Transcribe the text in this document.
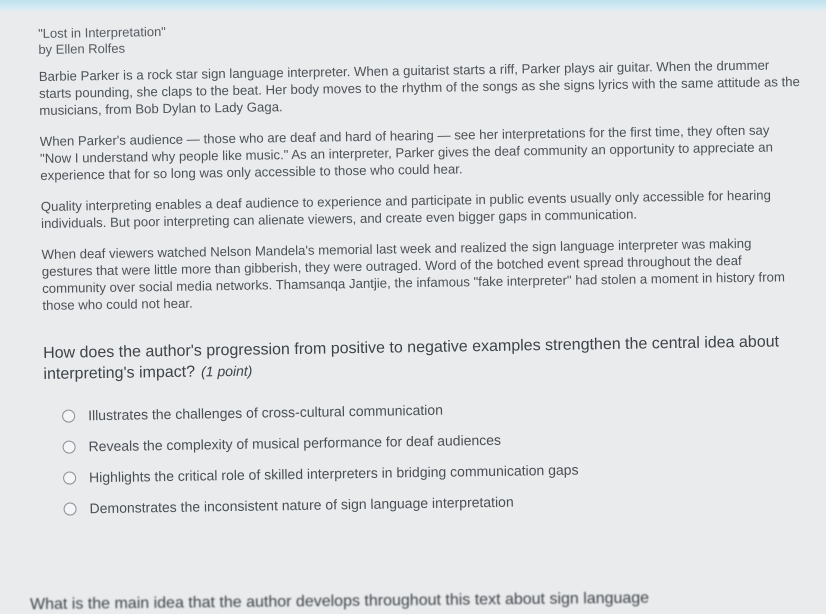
"Lost in Interpretation"

by Ellen Rolfes

Barbie Parker is a rock star sign language interpreter. When a guitarist starts a riff, Parker plays air guitar. When the drummer starts pounding, she claps to the beat. Her body moves to the rhythm of the songs as she signs lyrics with the same attitude as the musicians, from Bob Dylan to Lady Gaga.

When Parker's audience — those who are deaf and hard of hearing — see her interpretations for the first time, they often say "Now I understand why people like music." As an interpreter, Parker gives the deaf community an opportunity to appreciate an experience that for so long was only accessible to those who could hear.

Quality interpreting enables a deaf audience to experience and participate in public events usually only accessible for hearing individuals. But poor interpreting can alienate viewers, and create even bigger gaps in communication.

When deaf viewers watched Nelson Mandela's memorial last week and realized the sign language interpreter was making gestures that were little more than gibberish, they were outraged. Word of the botched event spread throughout the deaf community over social media networks. Thamsanqa Jantjie, the infamous "fake interpreter" had stolen a moment in history from those who could not hear.

How does the author's progression from positive to negative examples strengthen the central idea about interpreting's impact? (1 point)
Illustrates the challenges of cross-cultural communication
Reveals the complexity of musical performance for deaf audiences
Highlights the critical role of skilled interpreters in bridging communication gaps
Demonstrates the inconsistent nature of sign language interpretation
What is the main idea that the author develops throughout this text about sign language
